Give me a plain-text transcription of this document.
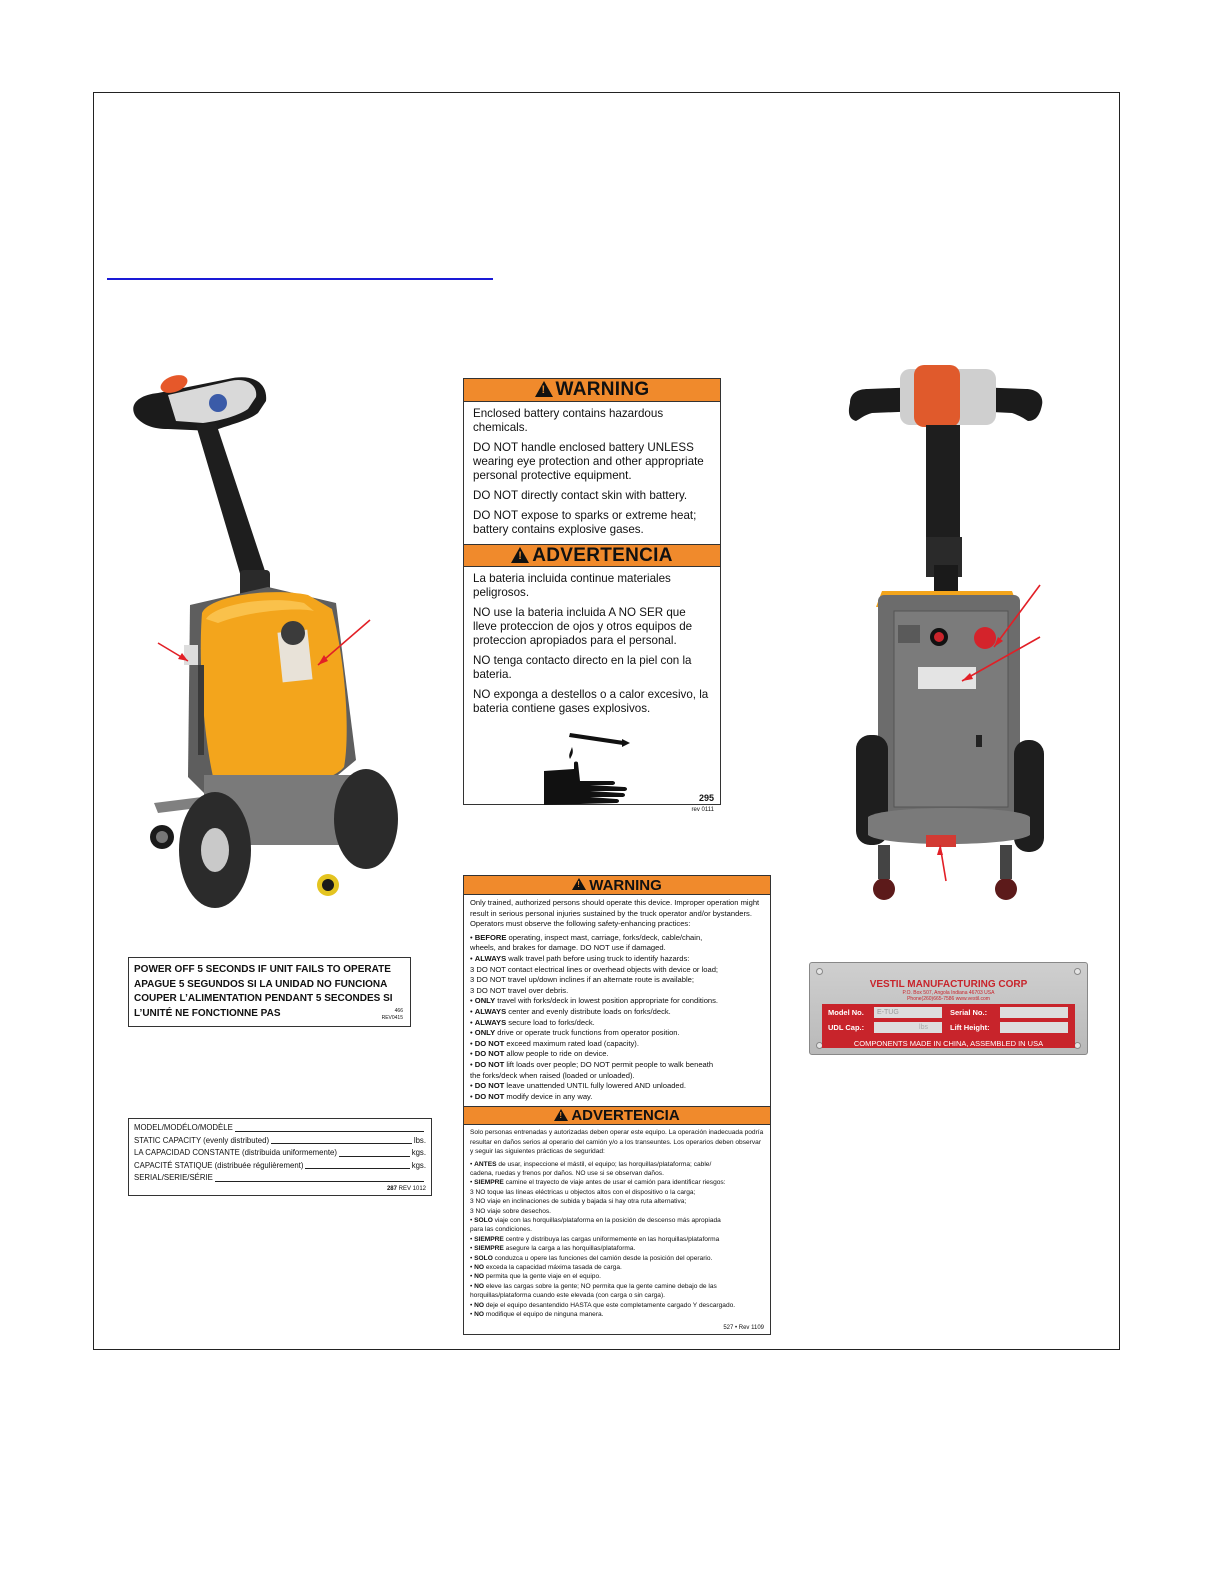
!
WARNING

Enclosed battery contains hazardous chemicals.

DO NOT handle enclosed battery UNLESS wearing eye protection and other appropriate personal protective equipment.

DO NOT directly contact skin with battery.

DO NOT expose to sparks or extreme heat; battery contains explosive gases.

!
ADVERTENCIA

La bateria incluida continue materiales peligrosos.

NO use la bateria incluida A NO SER que lleve proteccion de ojos y otros equipos de proteccion apropiados para el personal.

NO tenga contacto directo en la piel con la bateria.

NO exponga a destellos o a calor excesivo, la bateria contiene gases explosivos.

295
rev 0111
!
WARNING
Only trained, authorized persons should operate this device. Improper operation might result in serious personal injuries sustained by the truck operator and/or bystanders. Operators must observe the following safety-enhancing practices:
• BEFORE operating, inspect mast, carriage, forks/deck, cable/chain,
wheels, and brakes for damage. DO NOT use if damaged.
• ALWAYS walk travel path before using truck to identify hazards:
3 DO NOT contact electrical lines or overhead objects with device or load;
3 DO NOT travel up/down inclines if an alternate route is available;
3 DO NOT travel over debris.
• ONLY travel with forks/deck in lowest position appropriate for conditions.
• ALWAYS center and evenly distribute loads on forks/deck.
• ALWAYS secure load to forks/deck.
• ONLY drive or operate truck functions from operator position.
• DO NOT exceed maximum rated load (capacity).
• DO NOT allow people to ride on device.
• DO NOT lift loads over people; DO NOT permit people to walk beneath
the forks/deck when raised (loaded or unloaded).
• DO NOT leave unattended UNTIL fully lowered AND unloaded.
• DO NOT modify device in any way.
!
ADVERTENCIA
Solo personas entrenadas y autorizadas deben operar este equipo. La operación inadecuada podría resultar en daños serios al operario del camión y/o a los transeuntes. Los operarios deben observar y seguir las siguientes prácticas de seguridad:
• ANTES de usar, inspeccione el mástil, el equipo; las horquillas/plataforma; cable/
cadena, ruedas y frenos por daños. NO use si se observan daños.
• SIEMPRE camine el trayecto de viaje antes de usar el camión para identificar riesgos:
3 NO toque las líneas eléctricas u objectos altos con el dispositivo o la carga;
3 NO viaje en inclinaciones de subida y bajada si hay otra ruta alternativa;
3 NO viaje sobre desechos.
• SOLO viaje con las horquillas/plataforma en la posición de descenso más apropiada
para las condiciones.
• SIEMPRE centre y distribuya las cargas uniformemente en las horquillas/plataforma
• SIEMPRE asegure la carga a las horquillas/plataforma.
• SOLO conduzca u opere las funciones del camión desde la posición del operario.
• NO exceda la capacidad máxima tasada de carga.
• NO permita que la gente viaje en el equipo.
• NO eleve las cargas sobre la gente; NO permita que la gente camine debajo de las
horquillas/plataforma cuando este elevada (con carga o sin carga).
• NO deje el equipo desantendido HASTA que este completamente cargado Y descargado.
• NO modifique el equipo de ninguna manera.
527 • Rev 1109
POWER OFF 5 SECONDS IF UNIT FAILS TO OPERATE
APAGUE 5 SEGUNDOS SI LA UNIDAD NO FUNCIONA
COUPER L’ALIMENTATION PENDANT 5 SECONDES SI
L’UNITÉ NE FONCTIONNE PAS	466
REV0415
MODEL/MODÉLO/MODÈLE
STATIC CAPACITY (evenly distributed)	lbs.
LA CAPACIDAD CONSTANTE (distribuida uniformemente)	kgs.
CAPACITÉ STATIQUE (distribuée régulièrement)	kgs.
SERIAL/SERIE/SÉRIE
287 REV 1012
VESTIL MANUFACTURING CORP
P.O. Box 507, Angola Indiana 46703 USA
Phone(260)665-7586 www.vestil.com
Model No.	E-TUG	Serial No.:
UDL Cap.:	lbs	Lift Height:
COMPONENTS MADE IN CHINA, ASSEMBLED IN USA
